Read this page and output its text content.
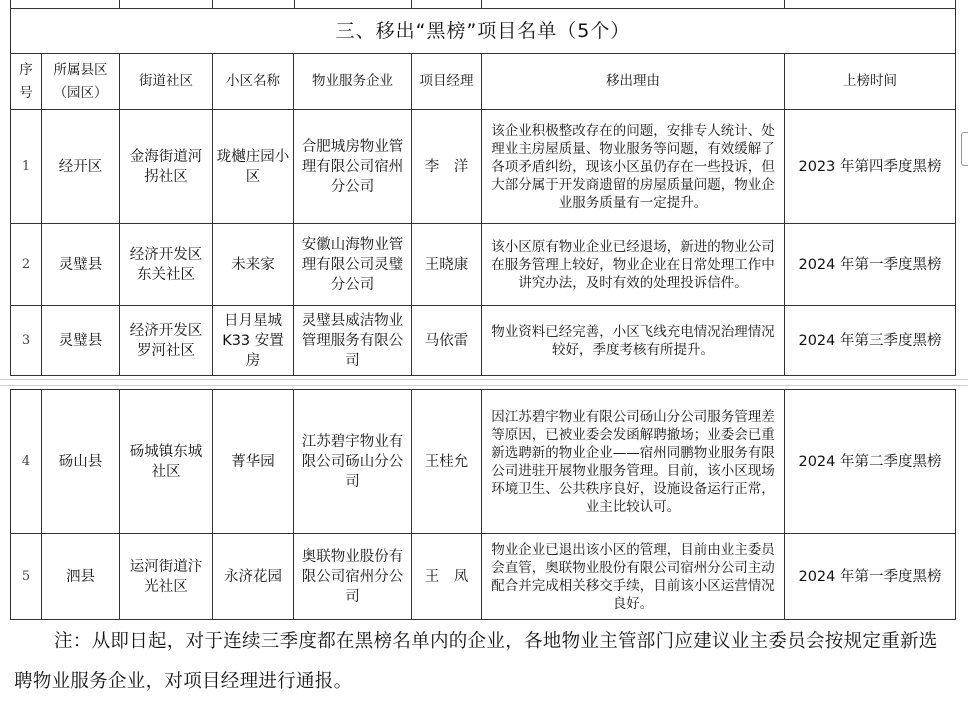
三、移出“黑榜”项目名单（5个）							
序号	所属县区（园区）	街道社区	小区名称	物业服务企业	项目经理	移出理由	上榜时间
1	经开区	金海街道河拐社区	珑樾庄园小区	合肥城房物业管理有限公司宿州分公司	李　洋	该企业积极整改存在的问题，安排专人统计、处理业主房屋质量、物业服务等问题，有效缓解了各项矛盾纠纷，现该小区虽仍存在一些投诉，但大部分属于开发商遗留的房屋质量问题，物业企业服务质量有一定提升。	2023 年第四季度黑榜
2	灵璧县	经济开发区东关社区	未来家	安徽山海物业管理有限公司灵璧分公司	王晓康	该小区原有物业企业已经退场，新进的物业公司在服务管理上较好，物业企业在日常处理工作中讲究办法，及时有效的处理投诉信件。	2024 年第一季度黑榜
3	灵璧县	经济开发区罗河社区	日月星城K33 安置房	灵璧县威洁物业管理服务有限公司	马依雷	物业资料已经完善，小区飞线充电情况治理情况较好，季度考核有所提升。	2024 年第三季度黑榜
4	砀山县	砀城镇东城社区	菁华园	江苏碧宇物业有限公司砀山分公司	王桂允	因江苏碧宇物业有限公司砀山分公司服务管理差等原因，已被业委会发函解聘撤场；业委会已重新选聘新的物业企业——宿州同鹏物业服务有限公司进驻开展物业服务管理。目前，该小区现场环境卫生、公共秩序良好，设施设备运行正常，业主比较认可。	2024 年第二季度黑榜
5	泗县	运河街道汴光社区	永济花园	奥联物业股份有限公司宿州分公司	王　凤	物业企业已退出该小区的管理，目前由业主委员会直管，奥联物业股份有限公司宿州分公司主动配合并完成相关移交手续，目前该小区运营情况良好。	2024 年第一季度黑榜
注：从即日起，对于连续三季度都在黑榜名单内的企业，各地物业主管部门应建议业主委员会按规定重新选聘物业服务企业，对项目经理进行通报。
